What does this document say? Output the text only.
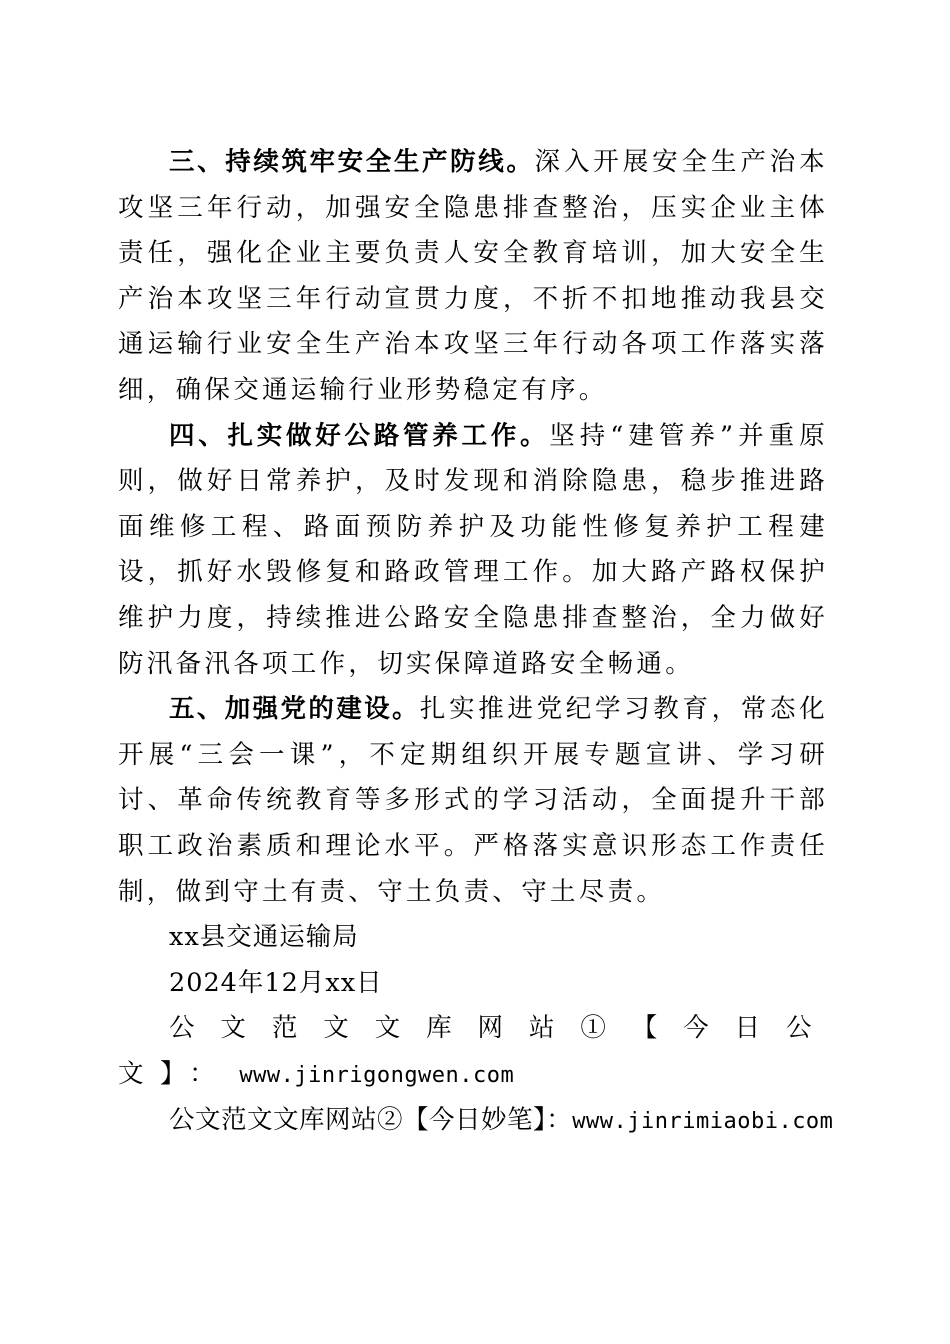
三、持续筑牢安全生产防线。深入开展安全生产治本攻坚三年行动，加强安全隐患排查整治，压实企业主体责任，强化企业主要负责人安全教育培训，加大安全生产治本攻坚三年行动宣贯力度，不折不扣地推动我县交通运输行业安全生产治本攻坚三年行动各项工作落实落细，确保交通运输行业形势稳定有序。

四、扎实做好公路管养工作。坚持“建管养”并重原则，做好日常养护，及时发现和消除隐患，稳步推进路面维修工程、路面预防养护及功能性修复养护工程建设，抓好水毁修复和路政管理工作。加大路产路权保护维护力度，持续推进公路安全隐患排查整治，全力做好防汛备汛各项工作，切实保障道路安全畅通。

五、加强党的建设。扎实推进党纪学习教育，常态化开展“三会一课”，不定期组织开展专题宣讲、学习研讨、革命传统教育等多形式的学习活动，全面提升干部职工政治素质和理论水平。严格落实意识形态工作责任制，做到守土有责、守土负责、守土尽责。

xx县交通运输局

2024年12月xx日

公文范文文库网站①【今日公文】： www.jinrigongwen.com

公文范文文库网站②【今日妙笔】：www.jinrimiaobi.com
